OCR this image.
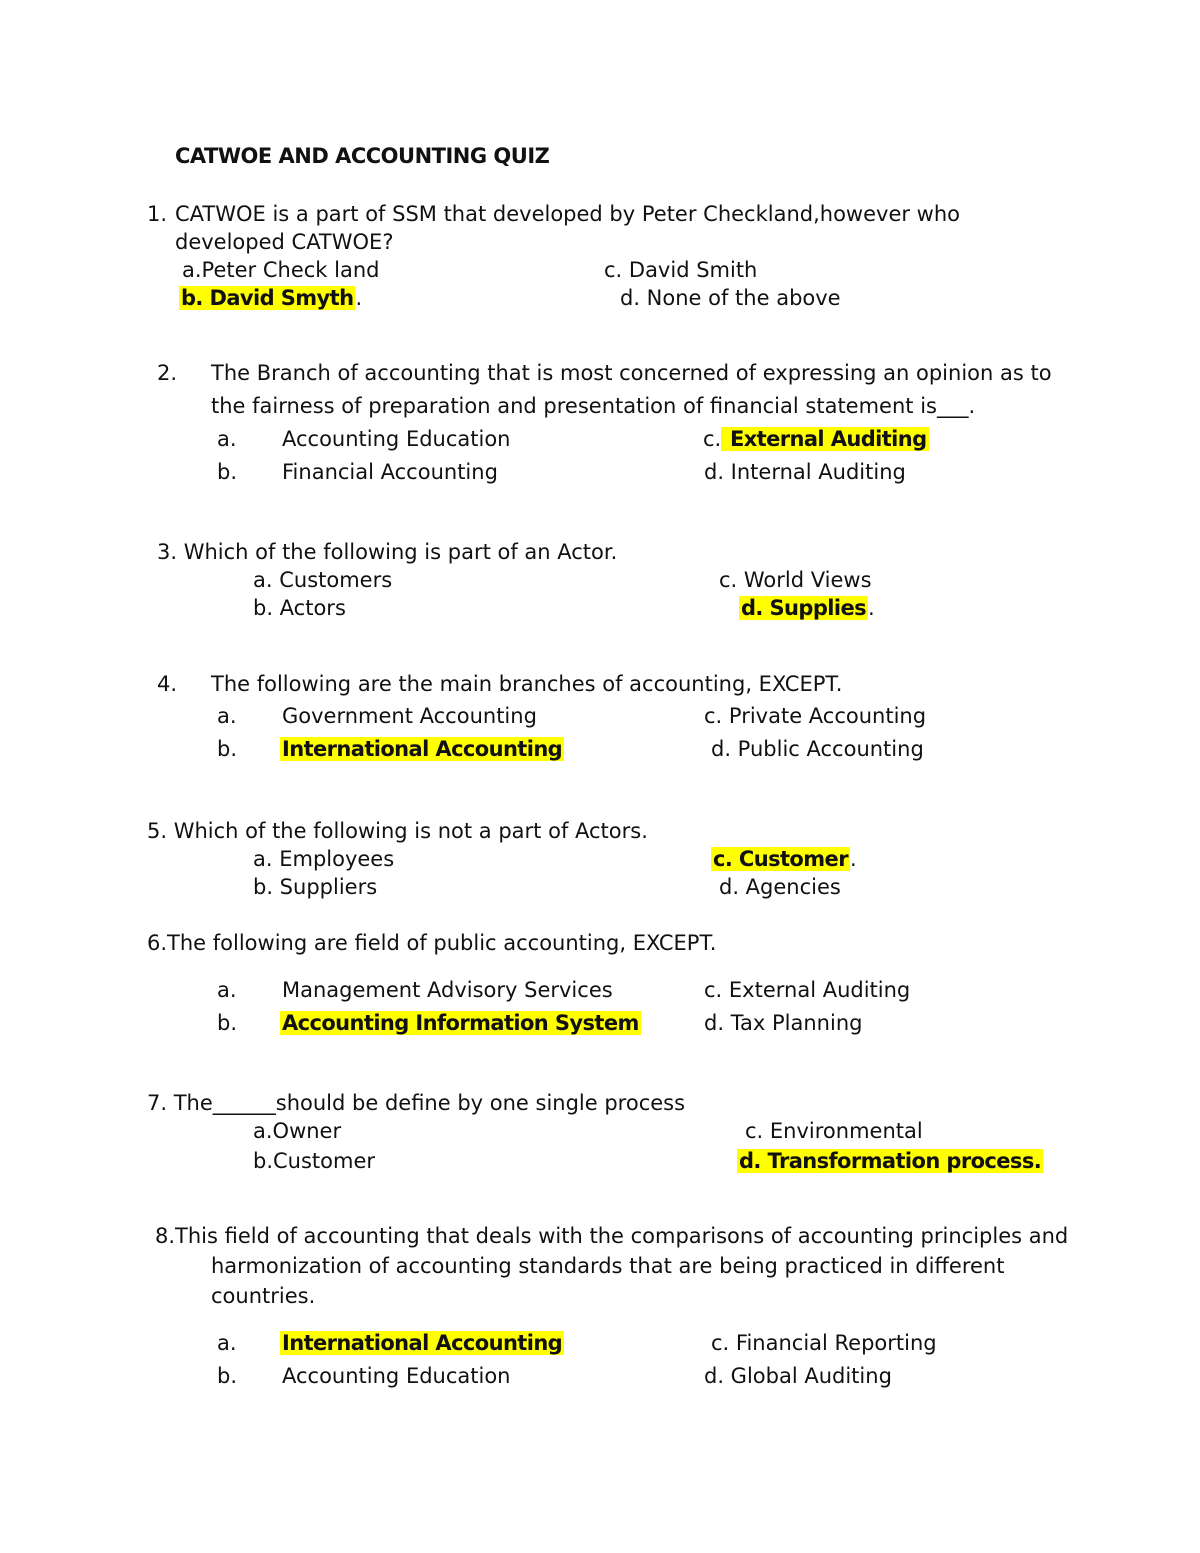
CATWOE AND ACCOUNTING QUIZ
1. CATWOE is a part of SSM that developed by Peter Checkland,however who
developed CATWOE?
a.Peter Check land	c. David Smith
b. David Smyth.	d. None of the above
2. The Branch of accounting that is most concerned of expressing an opinion as to
the fairness of preparation and presentation of financial statement is___.
a. Accounting Education	c. External Auditing
b. Financial Accounting	d. Internal Auditing
3. Which of the following is part of an Actor.
a. Customers	c. World Views
b. Actors	d. Supplies.
4. The following are the main branches of accounting, EXCEPT.
a. Government Accounting	c. Private Accounting
b. International Accounting	d. Public Accounting
5. Which of the following is not a part of Actors.
a. Employees	c. Customer.
b. Suppliers	d. Agencies
6.The following are field of public accounting, EXCEPT.
a. Management Advisory Services	c. External Auditing
b. Accounting Information System	d. Tax Planning
7. The______should be define by one single process
a.Owner	c. Environmental
b.Customer	d. Transformation process.
8.This field of accounting that deals with the comparisons of accounting principles and
harmonization of accounting standards that are being practiced in different
countries.
a. International Accounting	c. Financial Reporting
b. Accounting Education	d. Global Auditing
